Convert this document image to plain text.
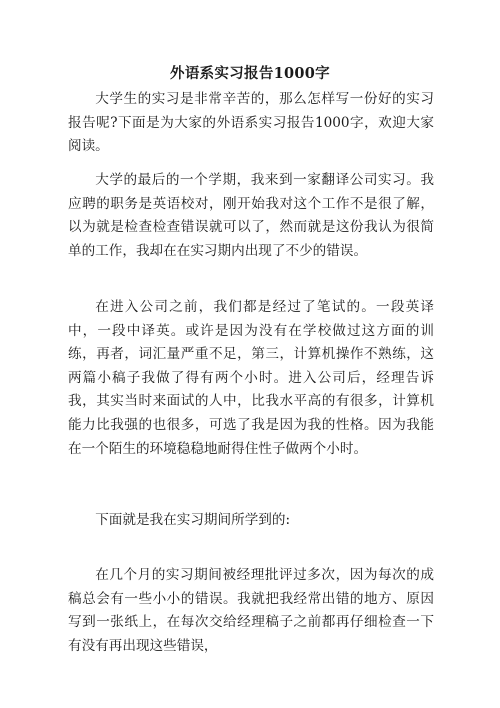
外语系实习报告1000字

大学生的实习是非常辛苦的，那么怎样写一份好的实习报告呢?下面是为大家的外语系实习报告1000字，欢迎大家阅读。

大学的最后的一个学期，我来到一家翻译公司实习。我应聘的职务是英语校对，刚开始我对这个工作不是很了解，以为就是检查检查错误就可以了，然而就是这份我认为很简单的工作，我却在在实习期内出现了不少的错误。

在进入公司之前，我们都是经过了笔试的。一段英译中，一段中译英。或许是因为没有在学校做过这方面的训练，再者，词汇量严重不足，第三，计算机操作不熟练，这两篇小稿子我做了得有两个小时。进入公司后，经理告诉我，其实当时来面试的人中，比我水平高的有很多，计算机能力比我强的也很多，可选了我是因为我的性格。因为我能在一个陌生的环境稳稳地耐得住性子做两个小时。

下面就是我在实习期间所学到的:

在几个月的实习期间被经理批评过多次，因为每次的成稿总会有一些小小的错误。我就把我经常出错的地方、原因写到一张纸上，在每次交给经理稿子之前都再仔细检查一下有没有再出现这些错误，
